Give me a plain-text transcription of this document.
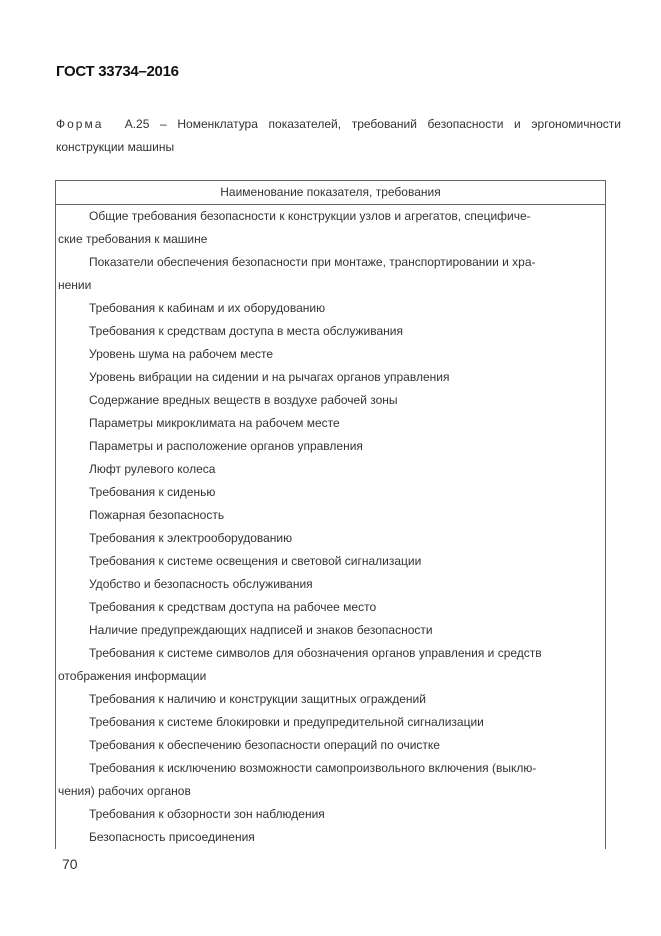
ГОСТ 33734–2016
Форма А.25 – Номенклатура показателей, требований безопасности и эргономичности
конструкции машины
Наименование показателя, требования
Общие требования безопасности к конструкции узлов и агрегатов, специфиче-
ские требования к машине
Показатели обеспечения безопасности при монтаже, транспортировании и хра-
нении
Требования к кабинам и их оборудованию
Требования к средствам доступа в места обслуживания
Уровень шума на рабочем месте
Уровень вибрации на сидении и на рычагах органов управления
Содержание вредных веществ в воздухе рабочей зоны
Параметры микроклимата на рабочем месте
Параметры и расположение органов управления
Люфт рулевого колеса
Требования к сиденью
Пожарная безопасность
Требования к электрооборудованию
Требования к системе освещения и световой сигнализации
Удобство и безопасность обслуживания
Требования к средствам доступа на рабочее место
Наличие предупреждающих надписей и знаков безопасности
Требования к системе символов для обозначения органов управления и средств
отображения информации
Требования к наличию и конструкции защитных ограждений
Требования к системе блокировки и предупредительной сигнализации
Требования к обеспечению безопасности операций по очистке
Требования к исключению возможности самопроизвольного включения (выклю-
чения) рабочих органов
Требования к обзорности зон наблюдения
Безопасность присоединения
70
